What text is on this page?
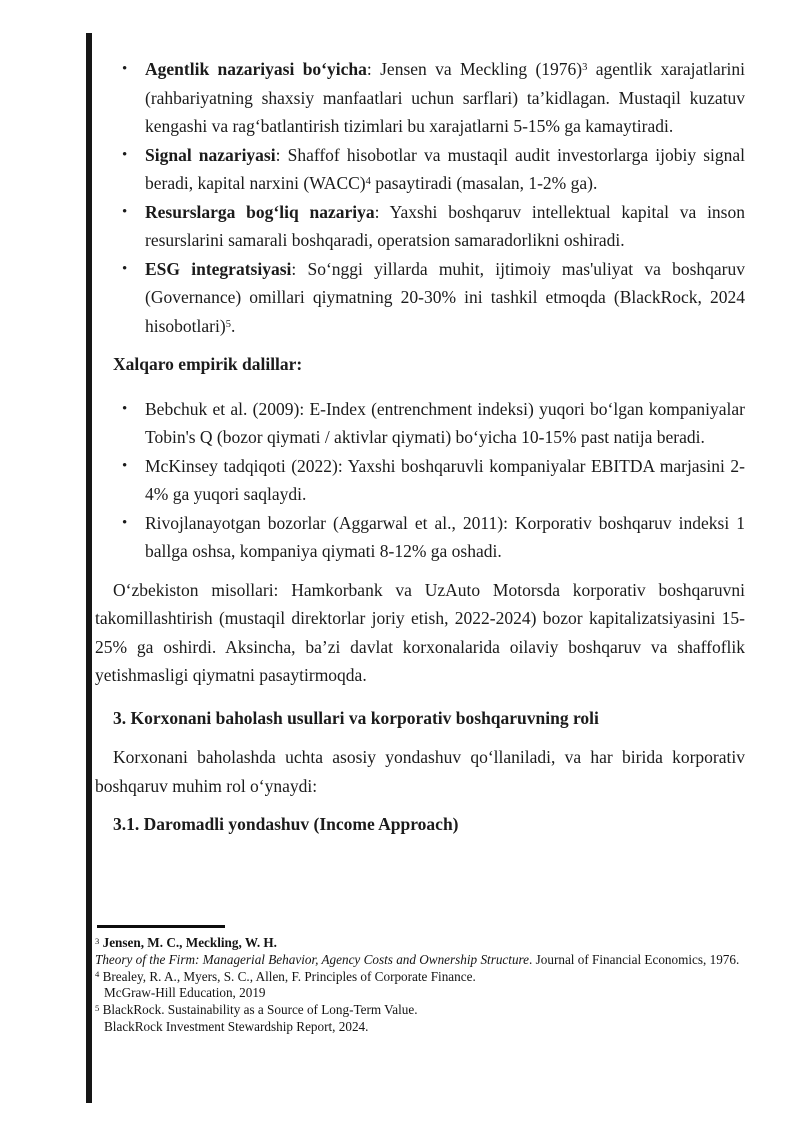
• Agentlik nazariyasi boʻyicha: Jensen va Meckling $(1976)^3$ agentlik xarajatlarini (rahbariyatning shaxsiy manfaatlari uchun sarflari) ta’kidlagan. Mustaqil kuzatuv kengashi va ragʻbatlantirish tizimlari bu xarajatlarni 5-15% ga kamaytiradi.
• Signal nazariyasi: Shaffof hisobotlar va mustaqil audit investorlarga ijobiy signal beradi, kapital narxini (WACC)$^4$ pasaytiradi (masalan, 1-2% ga).
• Resurslarga bogʻliq nazariya: Yaxshi boshqaruv intellektual kapital va inson resurslarini samarali boshqaradi, operatsion samaradorlikni oshiradi.
• ESG integratsiyasi: Soʻnggi yillarda muhit, ijtimoiy mas'uliyat va boshqaruv (Governance) omillari qiymatning 20-30% ini tashkil etmoqda (BlackRock, 2024 hisobotlari)$^5$.

Xalqaro empirik dalillar:

• Bebchuk et al. (2009): E-Index (entrenchment indeksi) yuqori boʻlgan kompaniyalar Tobin's Q (bozor qiymati / aktivlar qiymati) boʻyicha 10-15% past natija beradi.
• McKinsey tadqiqoti (2022): Yaxshi boshqaruvli kompaniyalar EBITDA marjasini 2-4% ga yuqori saqlaydi.
• Rivojlanayotgan bozorlar (Aggarwal et al., 2011): Korporativ boshqaruv indeksi 1 ballga oshsa, kompaniya qiymati 8-12% ga oshadi.

Oʻzbekiston misollari: Hamkorbank va UzAuto Motorsda korporativ boshqaruvni takomillashtirish (mustaqil direktorlar joriy etish, 2022-2024) bozor kapitalizatsiyasini 15-25% ga oshirdi. Aksincha, ba’zi davlat korxonalarida oilaviy boshqaruv va shaffoflik yetishmasligi qiymatni pasaytirmoqda.

3. Korxonani baholash usullari va korporativ boshqaruvning roli

Korxonani baholashda uchta asosiy yondashuv qoʻllaniladi, va har birida korporativ boshqaruv muhim rol oʻynaydi:

3.1. Daromadli yondashuv (Income Approach)

$^3$ Jensen, M. C., Meckling, W. H.
Theory of the Firm: Managerial Behavior, Agency Costs and Ownership Structure. Journal of Financial Economics, 1976.
$^4$ Brealey, R. A., Myers, S. C., Allen, F. Principles of Corporate Finance.
McGraw-Hill Education, 2019
$^5$ BlackRock. Sustainability as a Source of Long-Term Value.
BlackRock Investment Stewardship Report, 2024.
